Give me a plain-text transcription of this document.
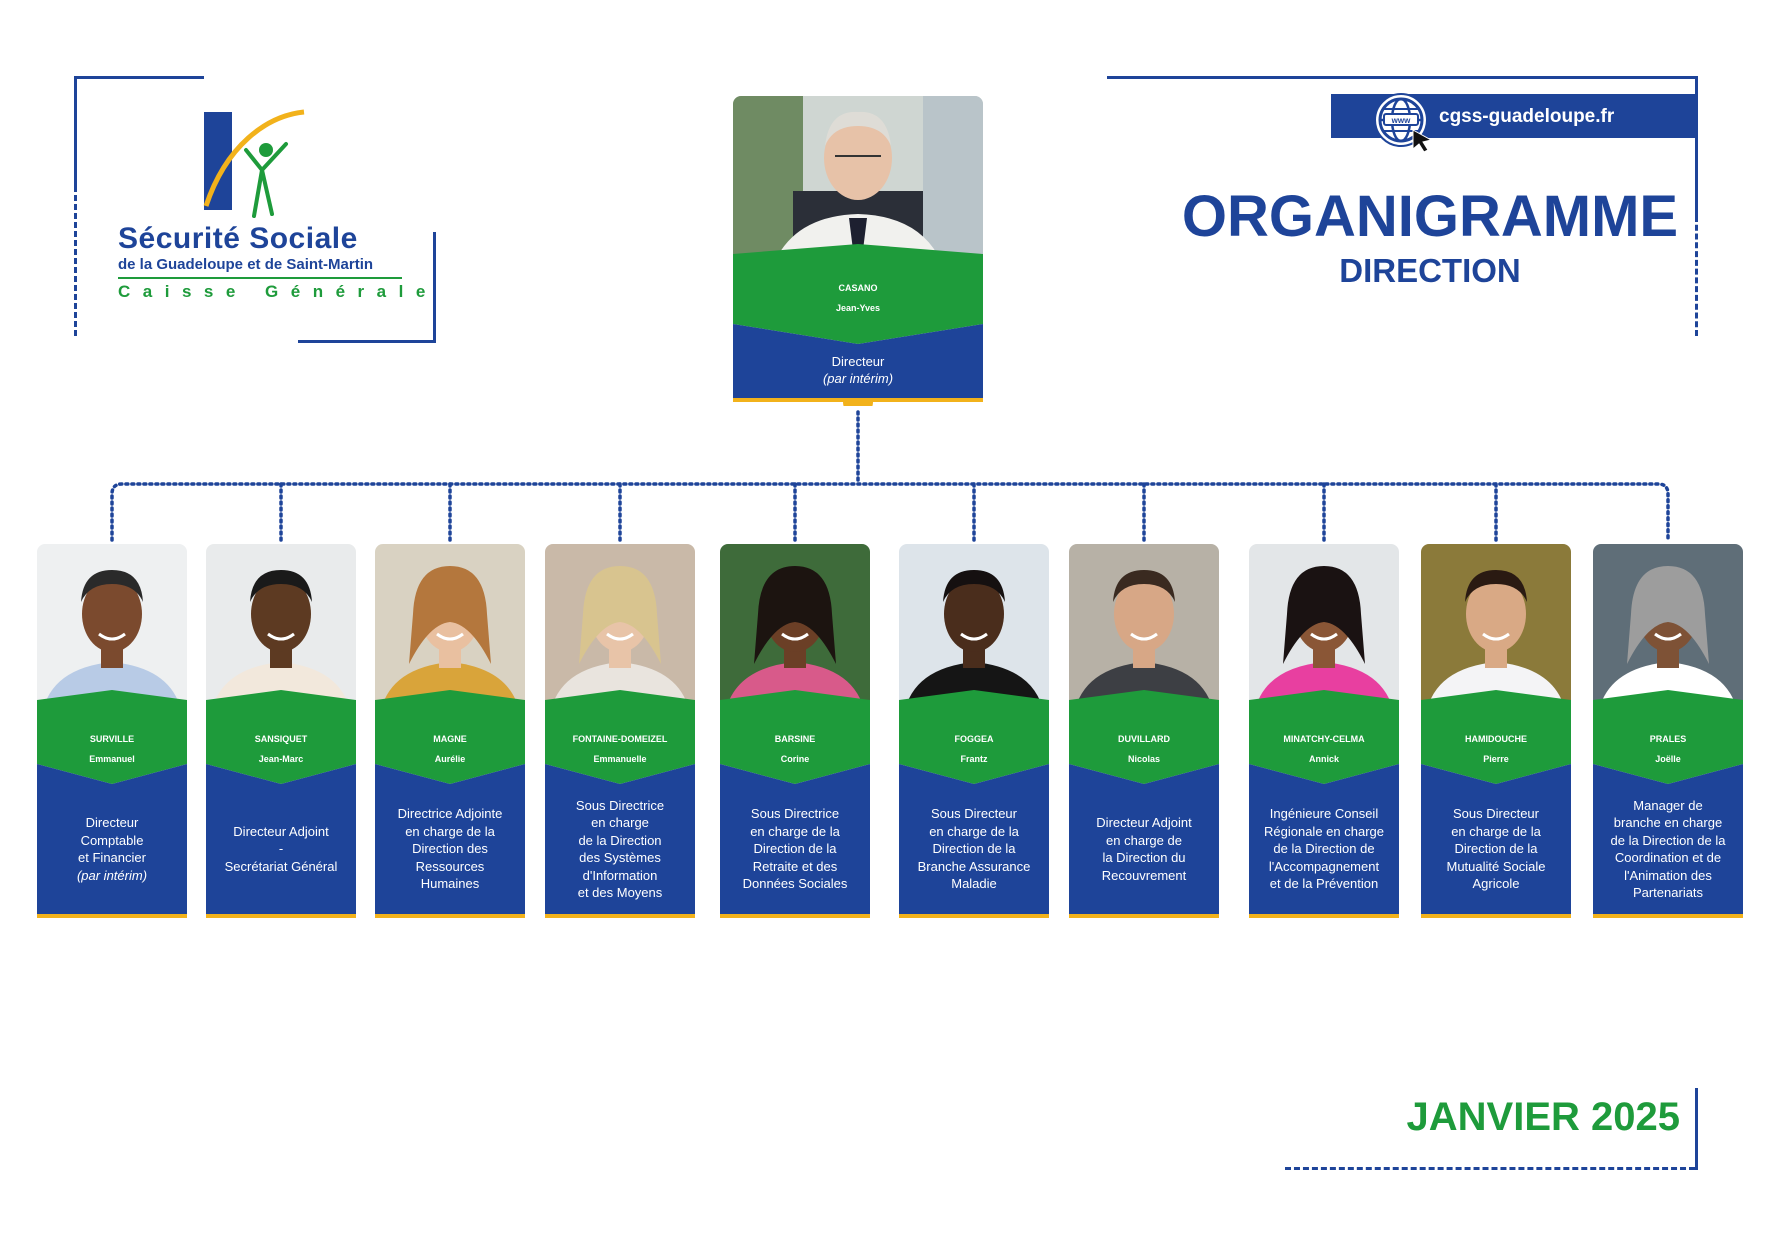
Sécurité Sociale
de la Guadeloupe et de Saint-Martin
Caisse Générale
www cgss-guadeloupe.fr
ORGANIGRAMME
DIRECTION
CASANO
Jean-Yves
Directeur
(par intérim)
SURVILLE
Emmanuel
Directeur
Comptable
et Financier
(par intérim)
SANSIQUET
Jean-Marc
Directeur Adjoint
-
Secrétariat Général
MAGNE
Aurélie
Directrice Adjointe
en charge de la
Direction des
Ressources
Humaines
FONTAINE-DOMEIZEL
Emmanuelle
Sous Directrice
en charge
de la Direction
des Systèmes
d'Information
et des Moyens
BARSINE
Corine
Sous Directrice
en charge de la
Direction de la
Retraite et des
Données Sociales
FOGGEA
Frantz
Sous Directeur
en charge de la
Direction de la
Branche Assurance
Maladie
DUVILLARD
Nicolas
Directeur Adjoint
en charge de
la Direction du
Recouvrement
MINATCHY-CELMA
Annick
Ingénieure Conseil
Régionale en charge
de la Direction de
l'Accompagnement
et de la Prévention
HAMIDOUCHE
Pierre
Sous Directeur
en charge de la
Direction de la
Mutualité Sociale
Agricole
PRALES
Joëlle
Manager de
branche en charge
de la Direction de la
Coordination et de
l'Animation des
Partenariats
JANVIER 2025
